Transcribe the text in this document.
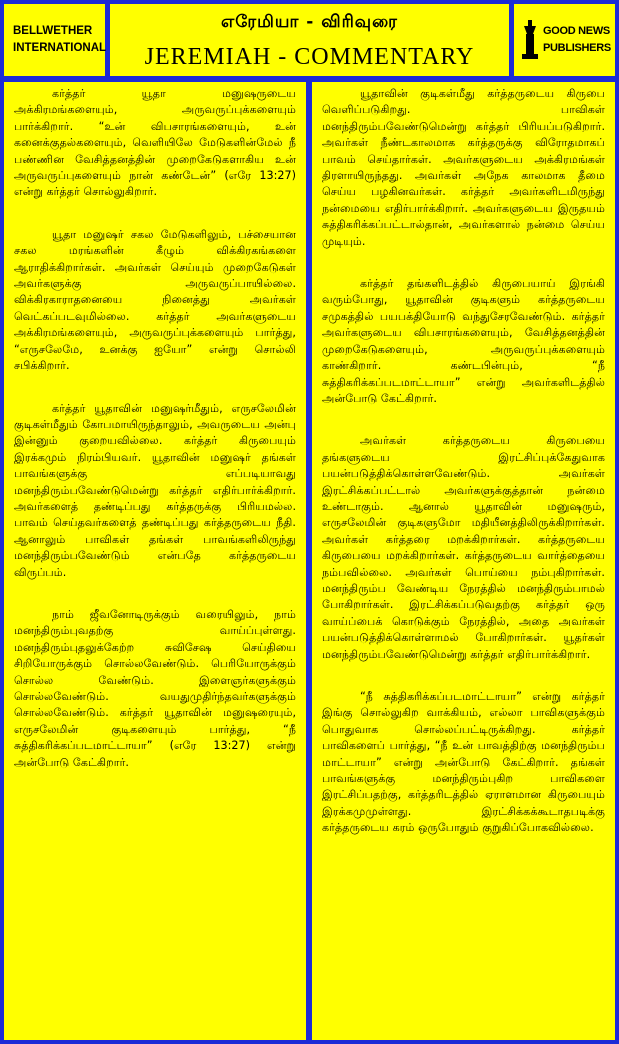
BELLWETHER
INTERNATIONAL
எரேமியா - விரிவுரை
JEREMIAH - COMMENTARY
GOOD NEWS
PUBLISHERS

கர்த்தர் யூதா மனுஷருடைய அக்கிரமங்களையும், அருவருப்புக்களையும் பார்க்கிறார். “உன் விபசாரங்களையும், உன் கனைக்குதல்களையும், வெளியிலே மேடுகளின்மேல் நீ பண்ணின வேசித்தனத்தின் முறைகேடுகளாகிய உன் அருவருப்புகளையும் நான் கண்டேன்” (எரே 13:27) என்று கர்த்தர் சொல்லுகிறார்.

யூதா மனுஷர் சகல மேடுகளிலும், பச்சையான சகல மரங்களின் கீழும் விக்கிரகங்களை ஆராதிக்கிறார்கள். அவர்கள் செய்யும் முறைகேடுகள் அவர்களுக்கு அருவருப்பாயில்லை. விக்கிரகாராதனையை நினைத்து அவர்கள் வெட்கப்படவுமில்லை. கர்த்தர் அவர்களுடைய அக்கிரமங்களையும், அருவருப்புக்களையும் பார்த்து, “எருசலேமே, உனக்கு ஐயோ” என்று சொல்லி சபிக்கிறார்.

கர்த்தர் யூதாவின் மனுஷர்மீதும், எருசலேமின் குடிகள்மீதும் கோபமாயிருந்தாலும், அவருடைய அன்பு இன்னும் குறையவில்லை. கர்த்தர் கிருபையும் இரக்கமும் நிரம்பியவர். யூதாவின் மனுஷர் தங்கள் பாவங்களுக்கு எப்படியாவது மனந்திரும்பவேண்டுமென்று கர்த்தர் எதிர்பார்க்கிறார். அவர்களைத் தண்டிப்பது கர்த்தருக்கு பிரியமல்ல. பாவம் செய்தவர்களைத் தண்டிப்பது கர்த்தருடைய நீதி. ஆனாலும் பாவிகள் தங்கள் பாவங்களிலிருந்து மனந்திரும்பவேண்டும் என்பதே கர்த்தருடைய விருப்பம்.

நாம் ஜீவனோடிருக்கும் வரையிலும், நாம் மனந்திரும்புவதற்கு வாய்ப்புள்ளது. மனந்திரும்புதலுக்கேற்ற சுவிசேஷ செய்தியை சிறியோருக்கும் சொல்லவேண்டும். பெரியோருக்கும் சொல்ல வேண்டும். இளைஞர்களுக்கும் சொல்லவேண்டும். வயதுமுதிர்ந்தவர்களுக்கும் சொல்லவேண்டும். கர்த்தர் யூதாவின் மனுஷரையும், எருசலேமின் குடிகளையும் பார்த்து, “நீ சுத்திகரிக்கப்படமாட்டாயா” (எரே 13:27) என்று அன்போடு கேட்கிறார்.

யூதாவின் குடிகள்மீது கர்த்தருடைய கிருபை வெளிப்படுகிறது. பாவிகள் மனந்திரும்பவேண்டுமென்று கர்த்தர் பிரியப்படுகிறார். அவர்கள் நீண்டகாலமாக கர்த்தருக்கு விரோதமாகப் பாவம் செய்தார்கள். அவர்களுடைய அக்கிரமங்கள் திரளாயிருந்தது. அவர்கள் அநேக காலமாக தீமை செய்ய பழகினவர்கள். கர்த்தர் அவர்களிடமிருந்து நன்மையை எதிர்பார்க்கிறார். அவர்களுடைய இருதயம் சுத்திகரிக்கப்பட்டால்தான், அவர்களால் நன்மை செய்ய முடியும்.

கர்த்தர் தங்களிடத்தில் கிருபையாய் இரங்கி வரும்போது, யூதாவின் குடிகளும் கர்த்தருடைய சமுகத்தில் பயபக்தியோடு வந்துசேரவேண்டும். கர்த்தர் அவர்களுடைய விபசாரங்களையும், வேசித்தனத்தின் முறைகேடுகளையும், அருவருப்புக்களையும் காண்கிறார். கண்டபின்பும், “நீ சுத்திகரிக்கப்படமாட்டாயா” என்று அவர்களிடத்தில் அன்போடு கேட்கிறார்.

அவர்கள் கர்த்தருடைய கிருபையை தங்களுடைய இரட்சிப்புக்கேதுவாக பயன்படுத்திக்கொள்ளவேண்டும். அவர்கள் இரட்சிக்கப்பட்டால் அவர்களுக்குத்தான் நன்மை உண்டாகும். ஆனால் யூதாவின் மனுஷரும், எருசலேமின் குடிகளுமோ மதியீனத்திலிருக்கிறார்கள். அவர்கள் கர்த்தரை மறக்கிறார்கள். கர்த்தருடைய கிருபையை மறக்கிறார்கள். கர்த்தருடைய வார்த்தையை நம்பவில்லை. அவர்கள் பொய்யை நம்புகிறார்கள். மனந்திரும்ப வேண்டிய நேரத்தில் மனந்திரும்பாமல் போகிறார்கள். இரட்சிக்கப்படுவதற்கு கர்த்தர் ஒரு வாய்ப்பைக் கொடுக்கும் நேரத்தில், அதை அவர்கள் பயன்படுத்திக்கொள்ளாமல் போகிறார்கள். யூதர்கள் மனந்திரும்பவேண்டுமென்று கர்த்தர் எதிர்பார்க்கிறார்.

“நீ சுத்திகரிக்கப்படமாட்டாயா” என்று கர்த்தர் இங்கு சொல்லுகிற வாக்கியம், எல்லா பாவிகளுக்கும் பொதுவாக சொல்லப்பட்டிருக்கிறது. கர்த்தர் பாவிகளைப் பார்த்து, “நீ உன் பாவத்திற்கு மனந்திரும்ப மாட்டாயா” என்று அன்போடு கேட்கிறார். தங்கள் பாவங்களுக்கு மனந்திரும்புகிற பாவிகளை இரட்சிப்பதற்கு, கர்த்தரிடத்தில் ஏராளமான கிருபையும் இரக்கமுமுள்ளது. இரட்சிக்கக்கூடாதபடிக்கு கர்த்தருடைய கரம் ஒருபோதும் குறுகிப்போகவில்லை.
